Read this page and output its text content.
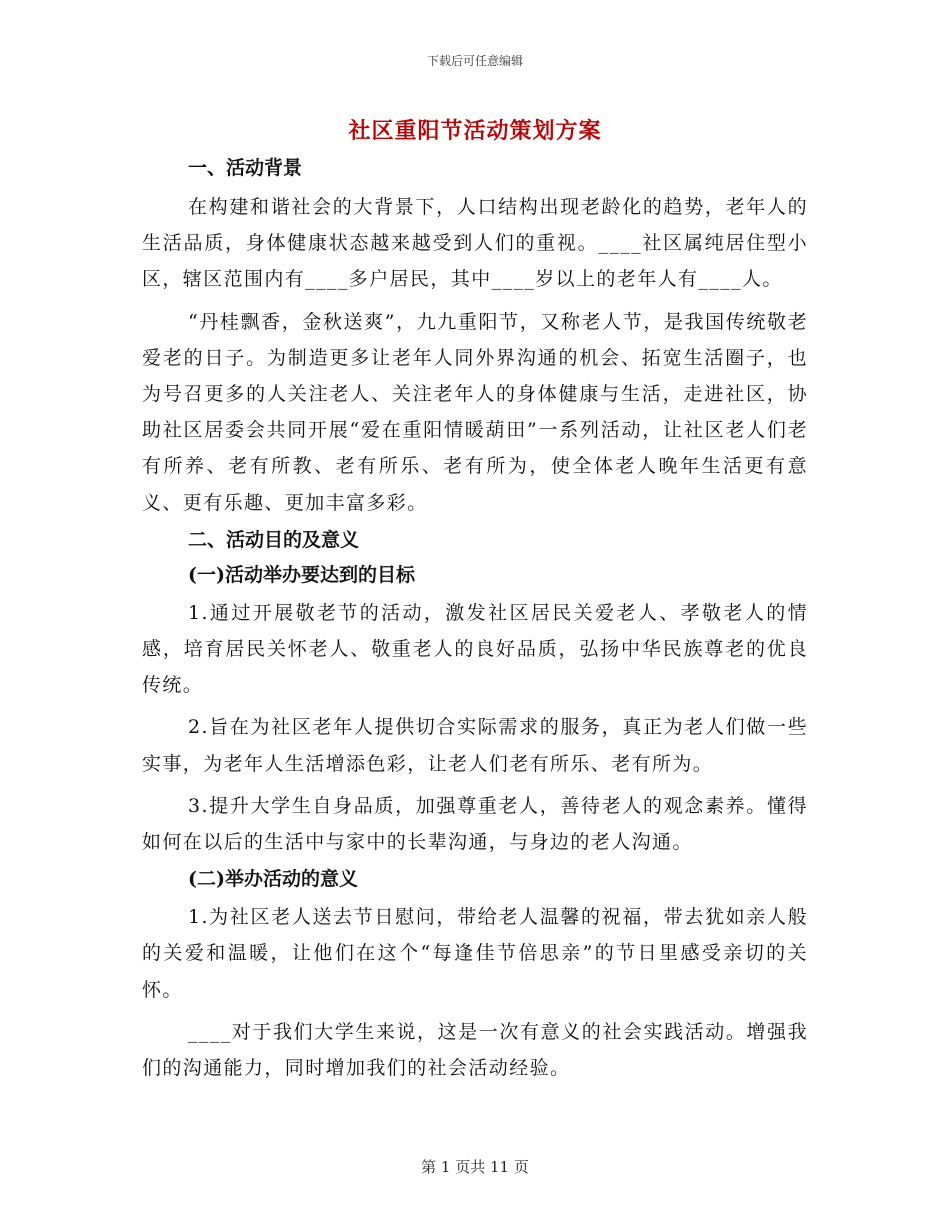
下载后可任意编辑
社区重阳节活动策划方案

一、活动背景

在构建和谐社会的大背景下，人口结构出现老龄化的趋势，老年人的生活品质，身体健康状态越来越受到人们的重视。____社区属纯居住型小区，辖区范围内有____多户居民，其中____岁以上的老年人有____人。

“丹桂飘香，金秋送爽”，九九重阳节，又称老人节，是我国传统敬老爱老的日子。为制造更多让老年人同外界沟通的机会、拓宽生活圈子，也为号召更多的人关注老人、关注老年人的身体健康与生活，走进社区，协助社区居委会共同开展“爱在重阳情暖葫田”一系列活动，让社区老人们老有所养、老有所教、老有所乐、老有所为，使全体老人晚年生活更有意义、更有乐趣、更加丰富多彩。

二、活动目的及意义

(一)活动举办要达到的目标

1.通过开展敬老节的活动，激发社区居民关爱老人、孝敬老人的情感，培育居民关怀老人、敬重老人的良好品质，弘扬中华民族尊老的优良传统。

2.旨在为社区老年人提供切合实际需求的服务，真正为老人们做一些实事，为老年人生活增添色彩，让老人们老有所乐、老有所为。

3.提升大学生自身品质，加强尊重老人，善待老人的观念素养。懂得如何在以后的生活中与家中的长辈沟通，与身边的老人沟通。

(二)举办活动的意义

1.为社区老人送去节日慰问，带给老人温馨的祝福，带去犹如亲人般的关爱和温暖，让他们在这个“每逢佳节倍思亲”的节日里感受亲切的关怀。

____对于我们大学生来说，这是一次有意义的社会实践活动。增强我们的沟通能力，同时增加我们的社会活动经验。

第 1 页共 11 页
